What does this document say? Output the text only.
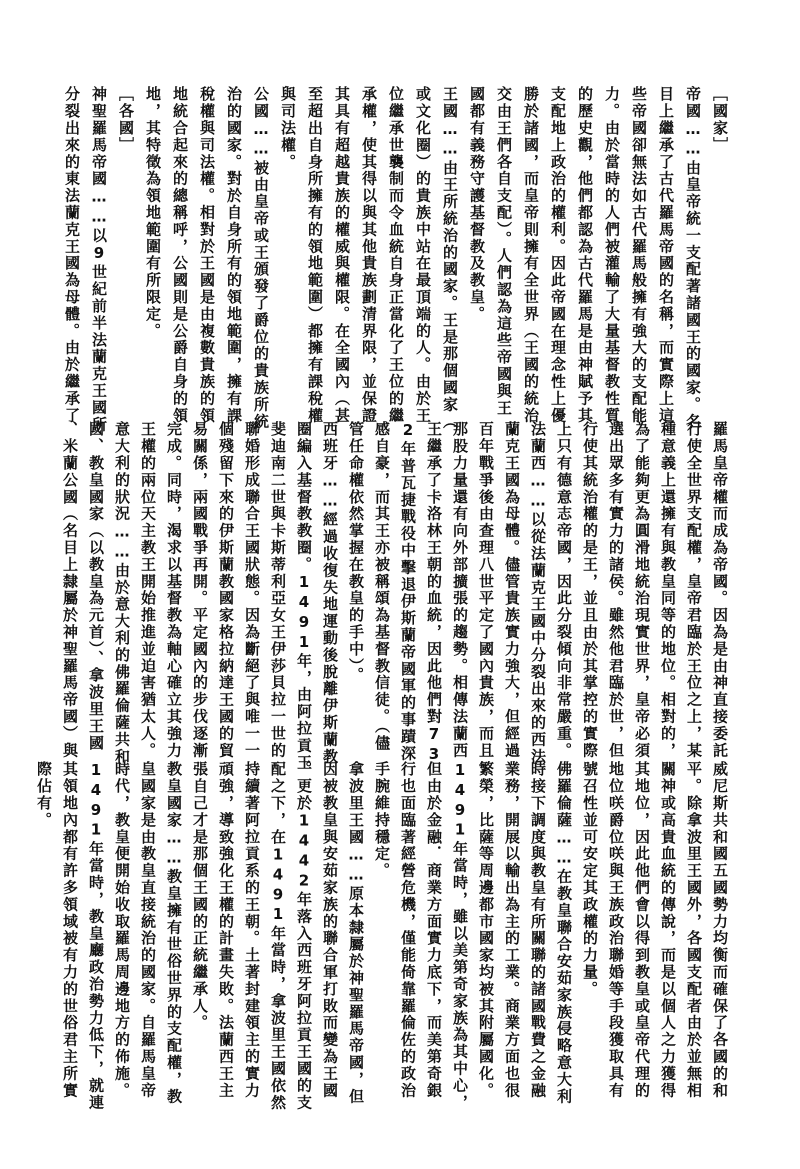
［國家］
帝國……由皇帝統一支配著諸國王的國家。名
目上繼承了古代羅馬帝國的名稱，而實際上這
些帝國卻無法如古代羅馬般擁有強大的支配能
力。由於當時的人們被灌輸了大量基督教性質
的歷史觀，他們都認為古代羅馬是由神賦予其
支配地上政治的權利。因此帝國在理念性上優
勝於諸國，而皇帝則擁有全世界（王國的統治
交由王們各自支配）。人們認為這些帝國與王
國都有義務守護基督教及教皇。
王國……由王所統治的國家。王是那個國家（
或文化圈）的貴族中站在最頂端的人。由於王
位繼承世襲制而令血統自身正當化了王位的繼
承權，使其得以與其他貴族劃清界限，並保證
其具有超越貴族的權威與權限。在全國內（甚
至超出自身所擁有的領地範圍）都擁有課稅權
與司法權。
公國……被由皇帝或王頒發了爵位的貴族所統
治的國家。對於自身所有的領地範圍，擁有課
稅權與司法權。相對於王國是由複數貴族的領
地統合起來的總稱呼，公國則是公爵自身的領
地，其特徵為領地範圍有所限定。
［各國］
神聖羅馬帝國……以9世紀前半法蘭克王國所
分裂出來的東法蘭克王國為母體。由於繼承了
羅馬皇帝權而成為帝國。因為是由神直接委託
行使全世界支配權，皇帝君臨於王位之上，某
種意義上還擁有與教皇同等的地位。相對的，
為了能夠更為圓滑地統治現實世界，皇帝必須
選出眾多有實力的諸侯。雖然他君臨於世，但
行使其統治權的是王，並且由於其掌控的實際
上只有德意志帝國，因此分裂傾向非常嚴重。
法蘭西……以從法蘭克王國中分裂出來的西法
蘭克王國為母體。儘管貴族實力強大，但經過
百年戰爭後由查理八世平定了國內貴族，而且
那股力量還有向外部擴張的趨勢。相傳法蘭西
王繼承了卡洛林王朝的血統，因此他們對73
2年普瓦捷戰役中擊退伊斯蘭帝國軍的事蹟深
感自豪，而其王亦被稱頌為基督教信徒。（儘
管任命權依然掌握在教皇的手中）。
西班牙……經過收復失地運動後脫離伊斯蘭教
圈編入基督教教圈。1491年，由阿拉貢王
斐迪南二世與卡斯蒂利亞女王伊莎貝拉一世的
聯婚形成聯合王國狀態。因為斷絕了與唯一一
個殘留下來的伊斯蘭教國家格拉納達王國的貿
易關係，兩國戰爭再開。平定國內的步伐逐漸
完成。同時，渴求以基督教為軸心確立其強力
王權的兩位天主教王開始推進並迫害猶太人。
意大利的狀況……由於意大利的佛羅倫薩共和
國、教皇國家（以教皇為元首）、拿波里王國
、米蘭公國（名目上隸屬於神聖羅馬帝國）與
威尼斯共和國五國勢力均衡而確保了各國的和
平。除拿波里王國外，各國支配者由於並無相
關神或高貴血統的傳說，而是以個人之力獲得
其地位，因此他們會以得到教皇或皇帝代理的
地位咲爵位咲與王族政治聯婚等手段獲取具有
號召性並可安定其政權的力量。
佛羅倫薩……在教皇聯合安茹家族侵略意大利
時接下調度與教皇有所關聯的諸國戰費之金融
業務，開展以輸出為主的工業。商業方面也很
繁榮，比薩等周邊都市國家均被其附屬國化。
1491年當時，雖以美第奇家族為其中心，
但由於金融．商業方面實力底下，而美第奇銀
行也面臨著經營危機，僅能倚靠羅倫佐的政治
手腕維持穩定。
拿波里王國……原本隸屬於神聖羅馬帝國，但
因被教皇與安茹家族的聯合軍打敗而變為王國
。更於1442年落入西班牙阿拉貢王國的支
配之下，在1491年當時，拿波里王國依然
持續著阿拉貢系的王朝。土著封建領主的實力
頑強，導致強化王權的計畫失敗。法蘭西王主
張自己才是那個王國的正統繼承人。
教皇國家……教皇擁有世俗世界的支配權，教
皇國家是由教皇直接統治的國家。自羅馬皇帝
時代，教皇便開始收取羅馬周邊地方的佈施。
1491年當時，教皇廳政治勢力低下，就連
其領地內都有許多領域被有力的世俗君主所實
際佔有。
